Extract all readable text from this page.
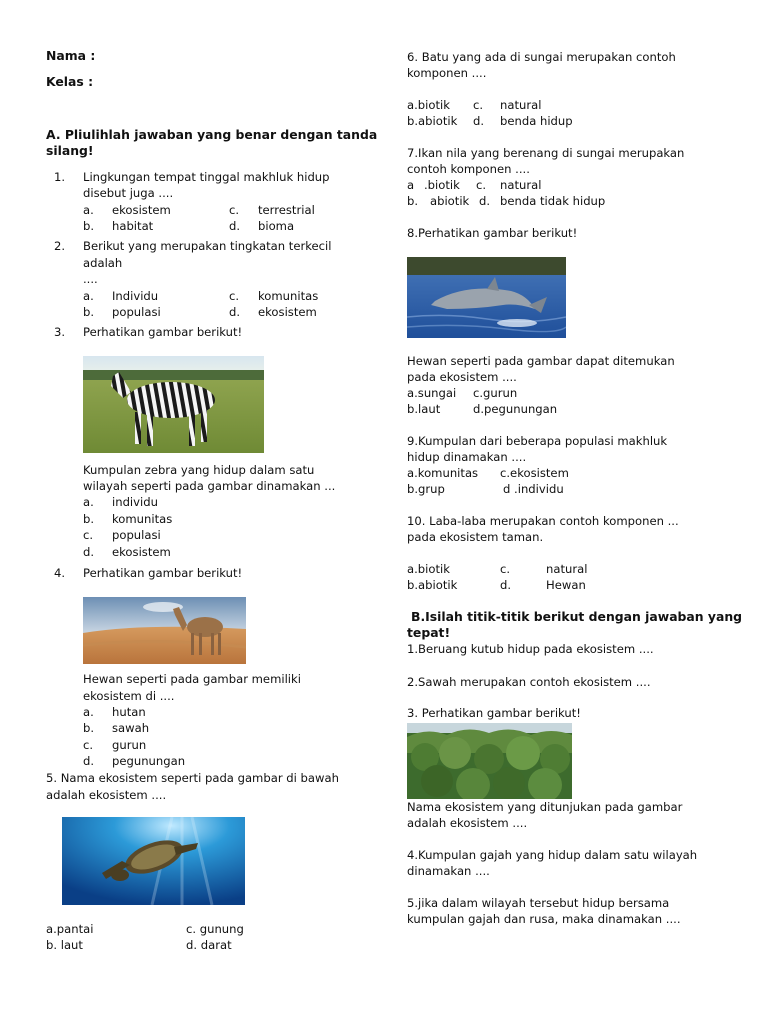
Nama :
Kelas :
A. Pliulihlah jawaban yang benar dengan tanda
silang!
1. Lingkungan tempat tinggal makhluk hidup
disebut juga ....
a. ekosistem	c. terrestrial
b. habitat	d. bioma
2. Berikut yang merupakan tingkatan terkecil
adalah
....
a. Individu	c. komunitas
b. populasi	d. ekosistem
3. Perhatikan gambar berikut!
Kumpulan zebra yang hidup dalam satu
wilayah seperti pada gambar dinamakan ...
a. individu
b. komunitas
c. populasi
d. ekosistem
4. Perhatikan gambar berikut!
Hewan seperti pada gambar memiliki
ekosistem di ....
a. hutan
b. sawah
c. gurun
d. pegunungan
5. Nama ekosistem seperti pada gambar di bawah
adalah ekosistem ....
a.pantai	c. gunung
b. laut	d. darat
6. Batu yang ada di sungai merupakan contoh
komponen ....
a.biotik c. natural
b.abiotik d. benda hidup
7.Ikan nila yang berenang di sungai merupakan
contoh komponen ....
a .biotik c. natural
b. abiotik d. benda tidak hidup
8.Perhatikan gambar berikut!
Hewan seperti pada gambar dapat ditemukan
pada ekosistem ....
a.sungai c.gurun
b.laut	d.pegunungan
9.Kumpulan dari beberapa populasi makhluk
hidup dinamakan ....
a.komunitas c.ekosistem
b.grup	d .individu
10. Laba-laba merupakan contoh komponen ...
pada ekosistem taman.
a.biotik	c.	natural
b.abiotik	d.	Hewan
B.Isilah titik-titik berikut dengan jawaban yang
tepat!
1.Beruang kutub hidup pada ekosistem ....
2.Sawah merupakan contoh ekosistem ....
3. Perhatikan gambar berikut!
Nama ekosistem yang ditunjukan pada gambar
adalah ekosistem ....
4.Kumpulan gajah yang hidup dalam satu wilayah
dinamakan ....
5.jika dalam wilayah tersebut hidup bersama
kumpulan gajah dan rusa, maka dinamakan ....
